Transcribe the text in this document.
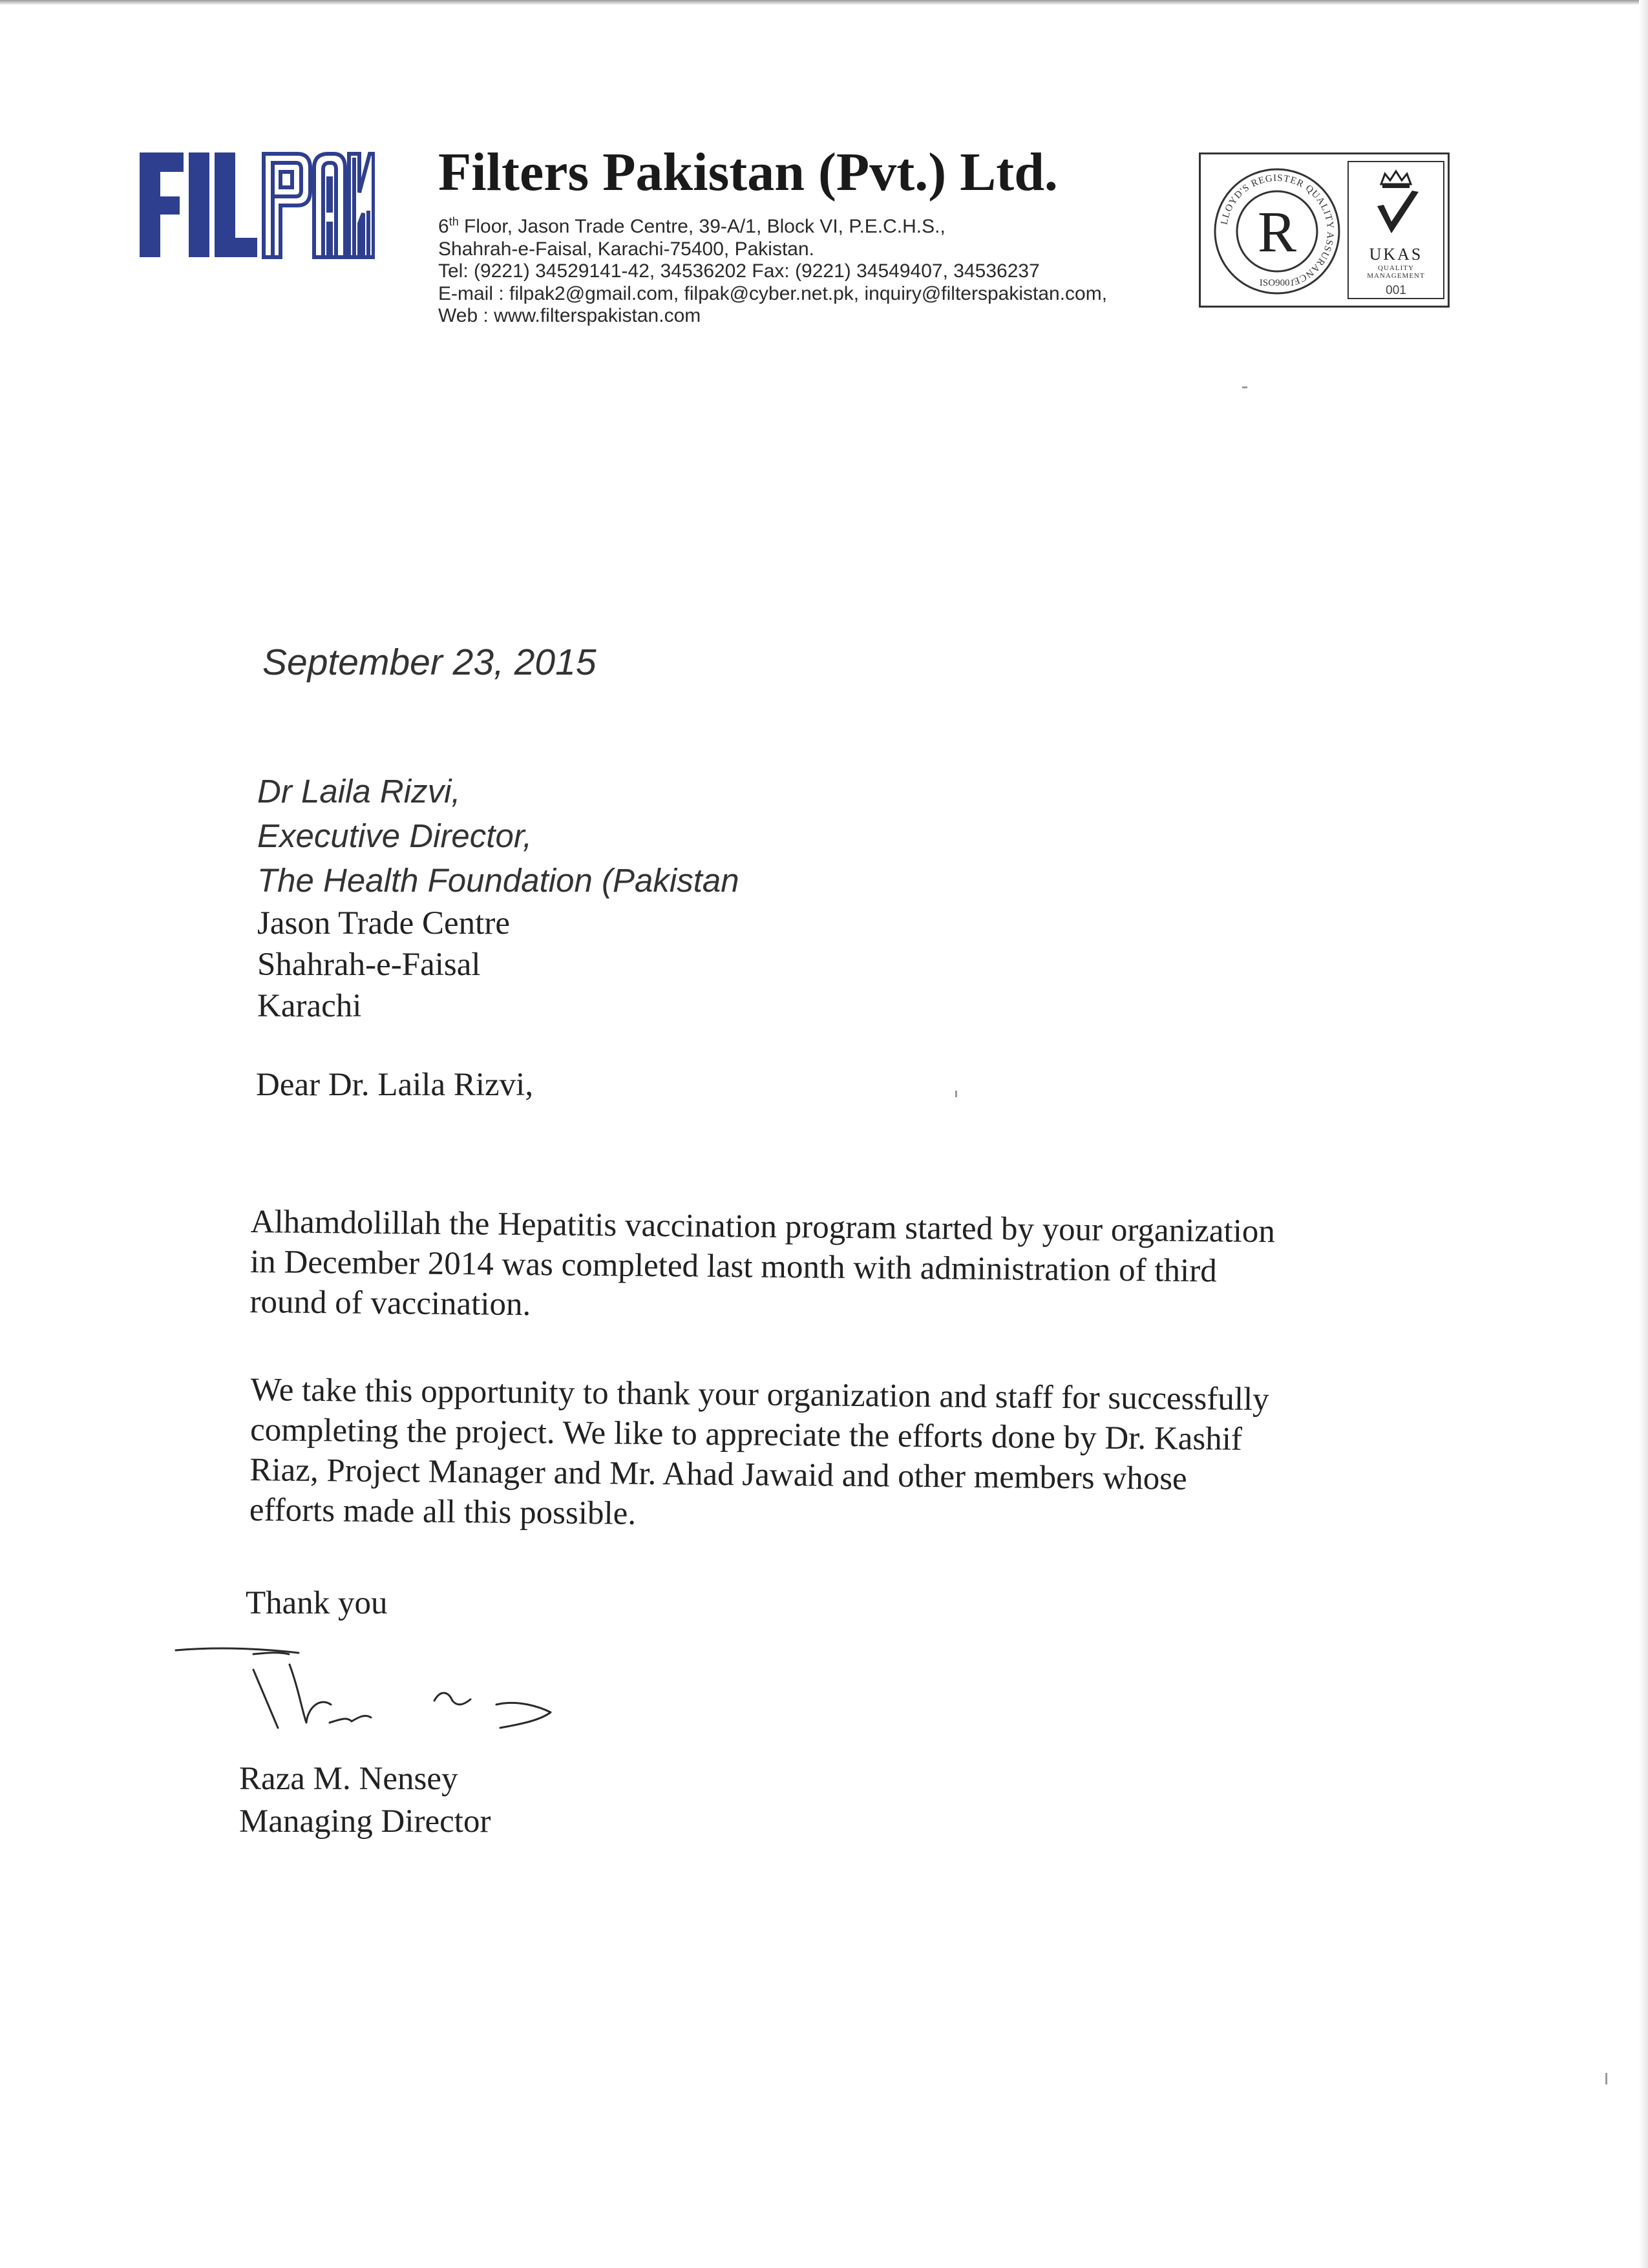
Filters Pakistan (Pvt.) Ltd.
6th Floor, Jason Trade Centre, 39-A/1, Block VI, P.E.C.H.S.,
Shahrah-e-Faisal, Karachi-75400, Pakistan.
Tel: (9221) 34529141-42, 34536202 Fax: (9221) 34549407, 34536237
E-mail : filpak2@gmail.com, filpak@cyber.net.pk, inquiry@filterspakistan.com,
Web : www.filterspakistan.com
LLOYD'S REGISTER QUALITY ASSURANCE
ISO9001
R	UKAS
QUALITY
MANAGEMENT
001
September 23, 2015
Dr Laila Rizvi,
Executive Director,
The Health Foundation (Pakistan
Jason Trade Centre
Shahrah-e-Faisal
Karachi
Dear Dr. Laila Rizvi,
Alhamdolillah the Hepatitis vaccination program started by your organization
in December 2014 was completed last month with administration of third
round of vaccination.
We take this opportunity to thank your organization and staff for successfully
completing the project. We like to appreciate the efforts done by Dr. Kashif
Riaz, Project Manager and Mr. Ahad Jawaid and other members whose
efforts made all this possible.
Thank you
Raza M. Nensey
Managing Director
